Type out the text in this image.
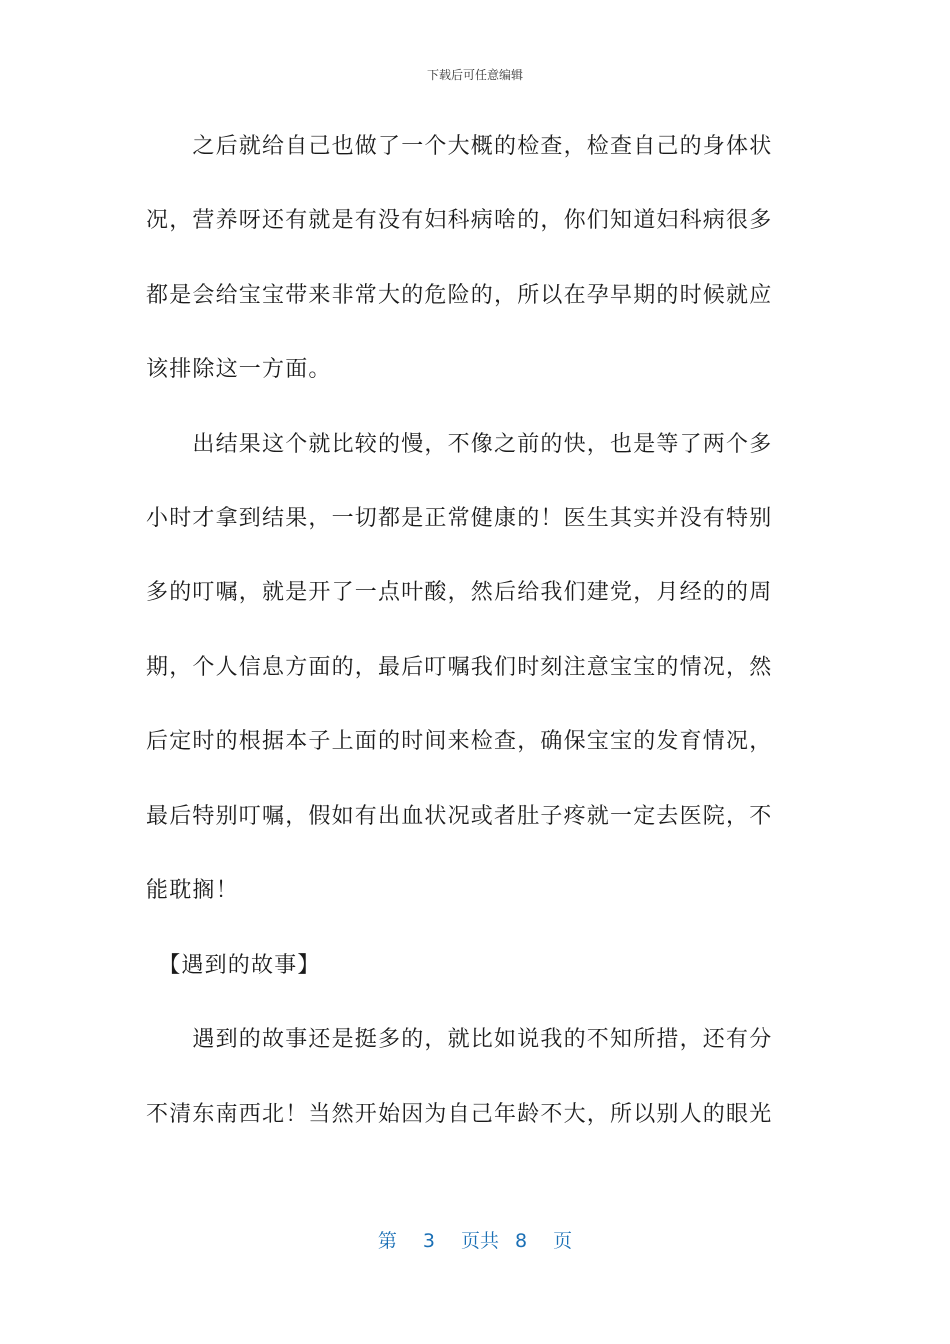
下载后可任意编辑
　　之后就给自己也做了一个大概的检查，检查自己的身体状
况，营养呀还有就是有没有妇科病啥的，你们知道妇科病很多
都是会给宝宝带来非常大的危险的，所以在孕早期的时候就应
该排除这一方面。
　　出结果这个就比较的慢，不像之前的快，也是等了两个多
小时才拿到结果，一切都是正常健康的！医生其实并没有特别
多的叮嘱，就是开了一点叶酸，然后给我们建党，月经的的周
期，个人信息方面的，最后叮嘱我们时刻注意宝宝的情况，然
后定时的根据本子上面的时间来检查，确保宝宝的发育情况，
最后特别叮嘱，假如有出血状况或者肚子疼就一定去医院，不
能耽搁！
　【遇到的故事】
　　遇到的故事还是挺多的，就比如说我的不知所措，还有分
不清东南西北！当然开始因为自己年龄不大，所以别人的眼光
第 3 页共 8 页
